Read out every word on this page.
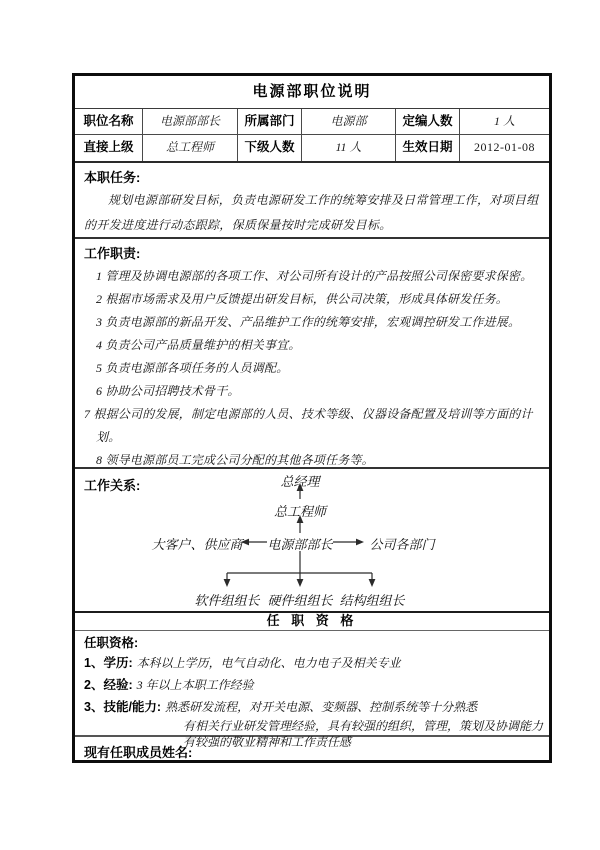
电源部职位说明
职位名称	电源部部长	所属部门	电源部	定编人数	1 人
直接上级	总工程师	下级人数	11 人	生效日期	2012-01-08
本职任务:

规划电源部研发目标，负责电源研发工作的统筹安排及日常管理工作，对项目组的开发进度进行动态跟踪，保质保量按时完成研发目标。

工作职责:

1 管理及协调电源部的各项工作、对公司所有设计的产品按照公司保密要求保密。

2 根据市场需求及用户反馈提出研发目标，供公司决策，形成具体研发任务。

3 负责电源部的新品开发、产品维护工作的统筹安排，宏观调控研发工作进展。

4 负责公司产品质量维护的相关事宜。

5 负责电源部各项任务的人员调配。

6 协助公司招聘技术骨干。

7 根据公司的发展，制定电源部的人员、技术等级、仪器设备配置及培训等方面的计划。

8 领导电源部员工完成公司分配的其他各项任务等。

工作关系:	总经理
总工程师
大客户、供应商 电源部部长	公司各部门
软件组组长 硬件组组长 结构组组长
任 职 资 格
任职资格:

1、学历: 本科以上学历，电气自动化、电力电子及相关专业

2、经验: 3 年以上本职工作经验

3、技能/能力: 熟悉研发流程，对开关电源、变频器、控制系统等十分熟悉

有相关行业研发管理经验，具有较强的组织，管理，策划及协调能力

有较强的敬业精神和工作责任感

现有任职成员姓名:
